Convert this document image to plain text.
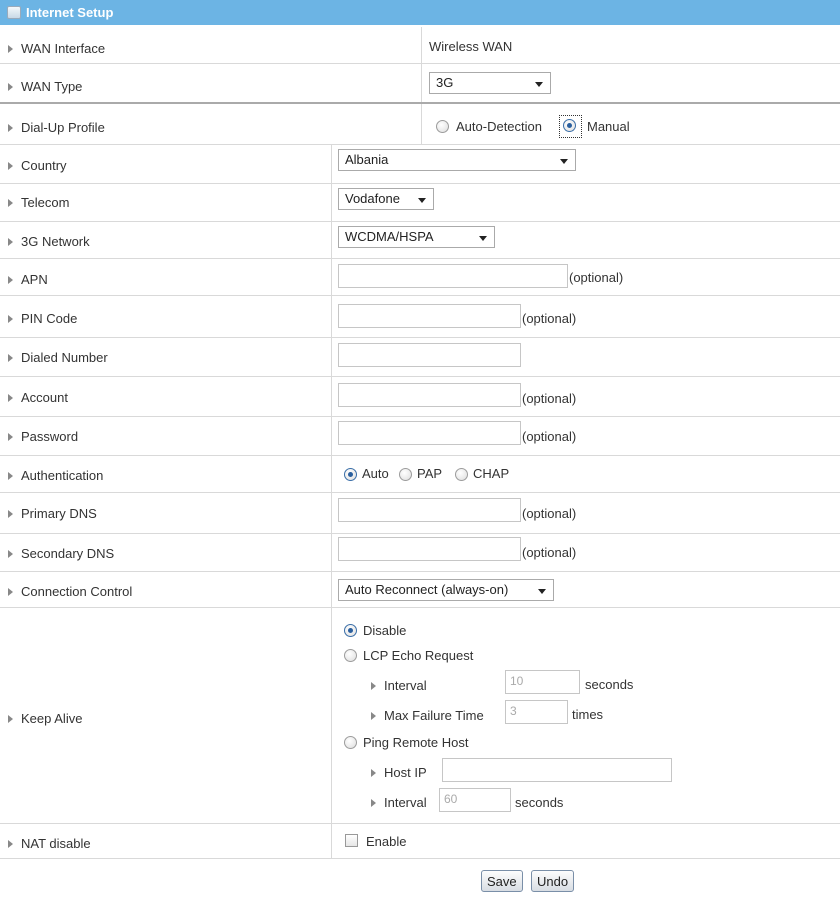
Internet Setup
WAN Interface	Wireless WAN
WAN Type	3G
Dial-Up Profile	Auto-Detection	Manual
Country	Albania
Telecom	Vodafone
3G Network	WCDMA/HSPA
APN	(optional)
PIN Code	(optional)
Dialed Number
Account	(optional)
Password	(optional)
Authentication	Auto PAP CHAP
Primary DNS	(optional)
Secondary DNS	(optional)
Connection Control	Auto Reconnect (always-on)
Keep Alive
Disable
LCP Echo Request
Interval	10	seconds
Max Failure Time	3	times
Ping Remote Host
Host IP
Interval	60	seconds
NAT disable	Enable
Save	Undo
